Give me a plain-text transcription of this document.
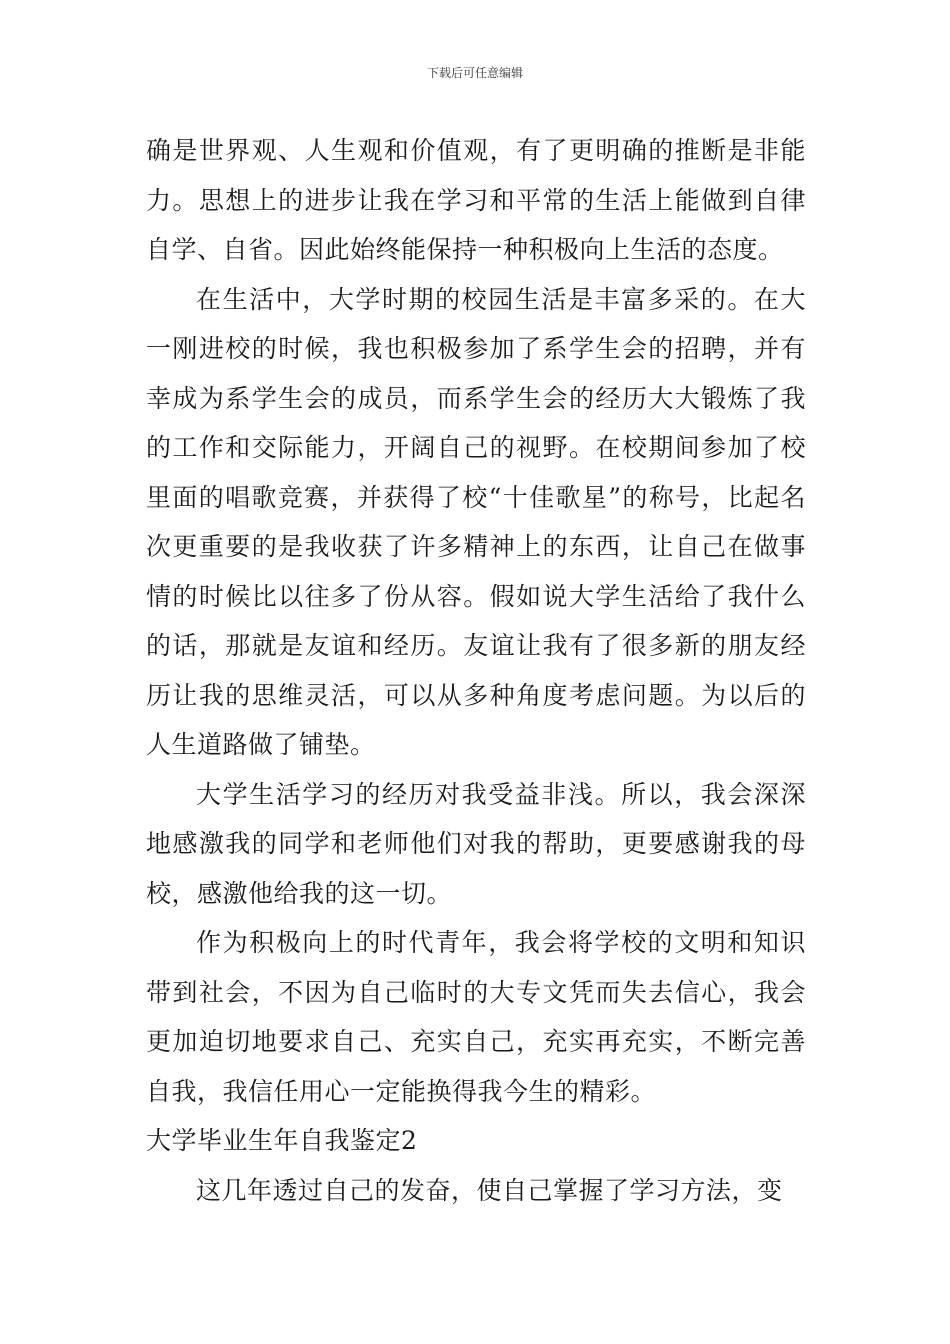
下载后可任意编辑

确是世界观、人生观和价值观，有了更明确的推断是非能力。思想上的进步让我在学习和平常的生活上能做到自律自学、自省。因此始终能保持一种积极向上生活的态度。

在生活中，大学时期的校园生活是丰富多采的。在大一刚进校的时候，我也积极参加了系学生会的招聘，并有幸成为系学生会的成员，而系学生会的经历大大锻炼了我的工作和交际能力，开阔自己的视野。在校期间参加了校里面的唱歌竞赛，并获得了校“十佳歌星”的称号，比起名次更重要的是我收获了许多精神上的东西，让自己在做事情的时候比以往多了份从容。假如说大学生活给了我什么的话，那就是友谊和经历。友谊让我有了很多新的朋友经历让我的思维灵活，可以从多种角度考虑问题。为以后的人生道路做了铺垫。

大学生活学习的经历对我受益非浅。所以，我会深深地感激我的同学和老师他们对我的帮助，更要感谢我的母校，感激他给我的这一切。

作为积极向上的时代青年，我会将学校的文明和知识带到社会，不因为自己临时的大专文凭而失去信心，我会更加迫切地要求自己、充实自己，充实再充实，不断完善自我，我信任用心一定能换得我今生的精彩。

大学毕业生年自我鉴定2

这几年透过自己的发奋，使自己掌握了学习方法，变
